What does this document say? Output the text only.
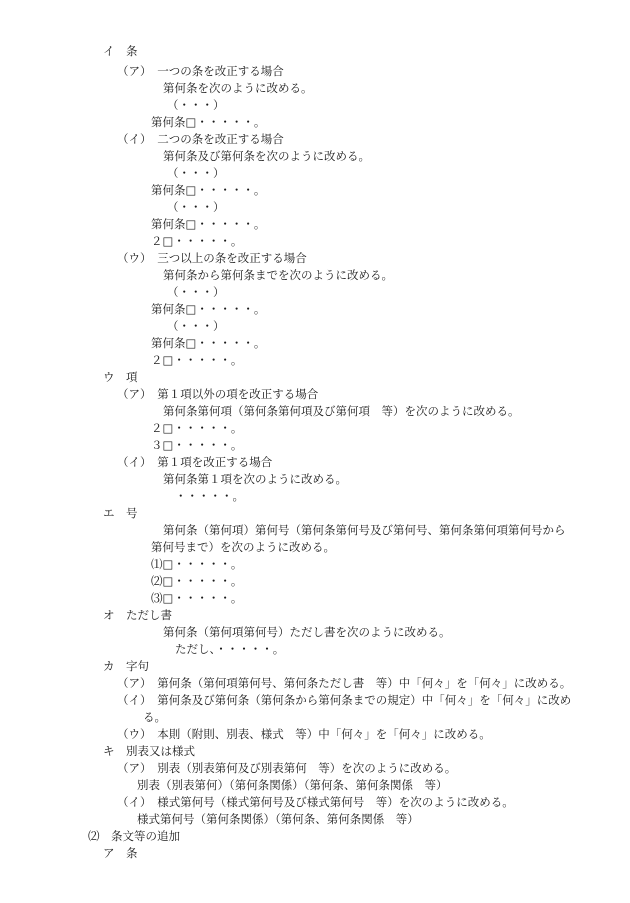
イ　条
（ア）　一つの条を改正する場合
第何条を次のように改める。
（・・・）
第何条□・・・・・。
（イ）　二つの条を改正する場合
第何条及び第何条を次のように改める。
（・・・）
第何条□・・・・・。
（・・・）
第何条□・・・・・。
２□・・・・・。
（ウ）　三つ以上の条を改正する場合
第何条から第何条までを次のように改める。
（・・・）
第何条□・・・・・。
（・・・）
第何条□・・・・・。
２□・・・・・。
ウ　項
（ア）　第１項以外の項を改正する場合
第何条第何項（第何条第何項及び第何項　等）を次のように改める。
２□・・・・・。
３□・・・・・。
（イ）　第１項を改正する場合
第何条第１項を次のように改める。
・・・・・。
エ　号
第何条（第何項）第何号（第何条第何号及び第何号、第何条第何項第何号から
第何号まで）を次のように改める。
⑴□・・・・・。
⑵□・・・・・。
⑶□・・・・・。
オ　ただし書
第何条（第何項第何号）ただし書を次のように改める。
ただし、・・・・・。
カ　字句
（ア）　第何条（第何項第何号、第何条ただし書　等）中「何々」を「何々」に改める。
（イ）　第何条及び第何条（第何条から第何条までの規定）中「何々」を「何々」に改め
る。
（ウ）　本則（附則、別表、様式　等）中「何々」を「何々」に改める。
キ　別表又は様式
（ア）　別表（別表第何及び別表第何　等）を次のように改める。
別表（別表第何）（第何条関係）（第何条、第何条関係　等）
（イ）　様式第何号（様式第何号及び様式第何号　等）を次のように改める。
様式第何号（第何条関係）（第何条、第何条関係　等）
⑵　条文等の追加
ア　条
